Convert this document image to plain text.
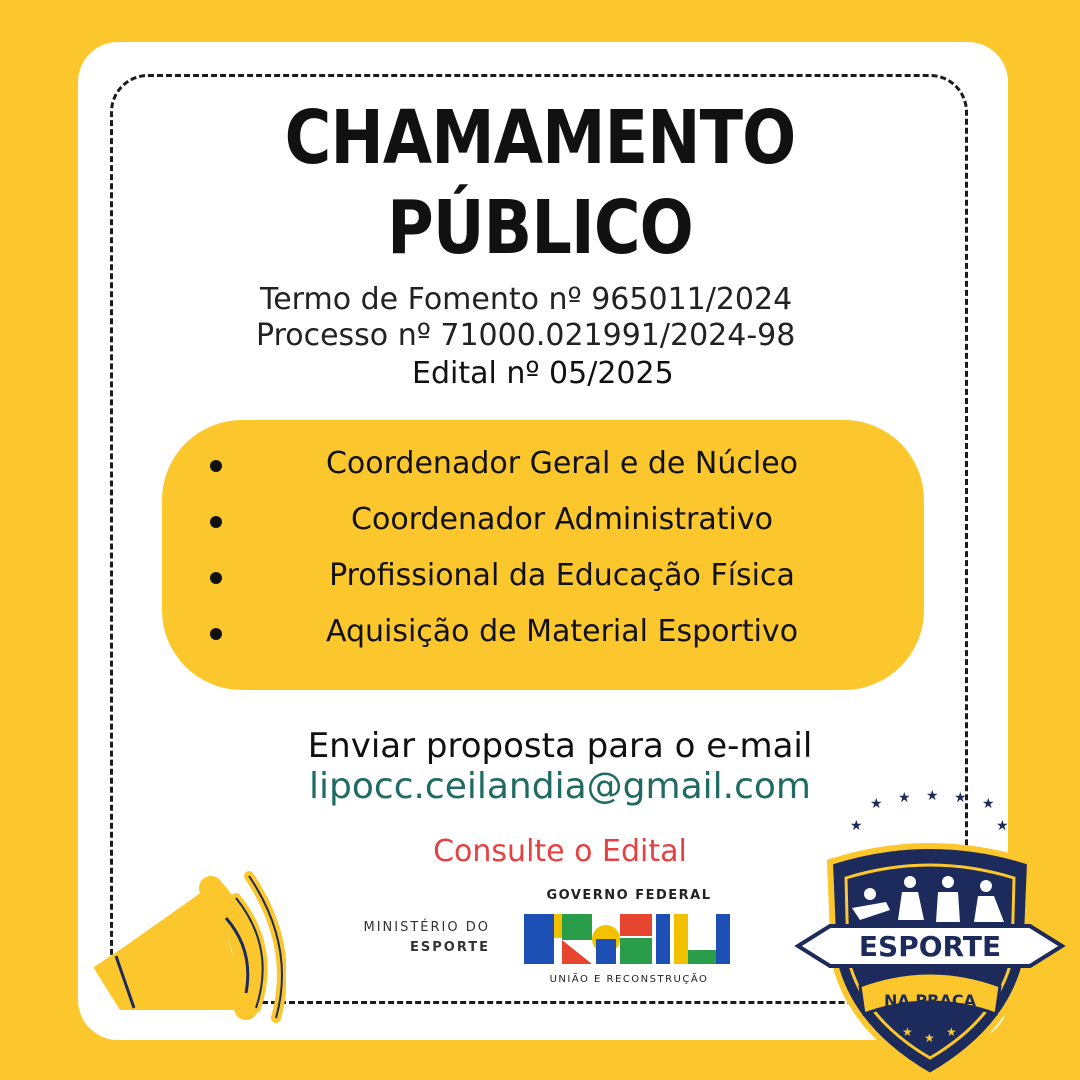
CHAMAMENTO
PÚBLICO
Termo de Fomento nº 965011/2024
Processo nº 71000.021991/2024-98
Edital nº 05/2025
Coordenador Geral e de Núcleo
Coordenador Administrativo
Profissional da Educação Física
Aquisição de Material Esportivo
Enviar proposta para o e-mail
lipocc.ceilandia@gmail.com
Consulte o Edital
MINISTÉRIO DO
ESPORTE
GOVERNO FEDERAL
UNIÃO E RECONSTRUÇÃO
★ ★ ★ ★ ★
★	★
ESPORTE
NA PRAÇA
★ ★ ★
